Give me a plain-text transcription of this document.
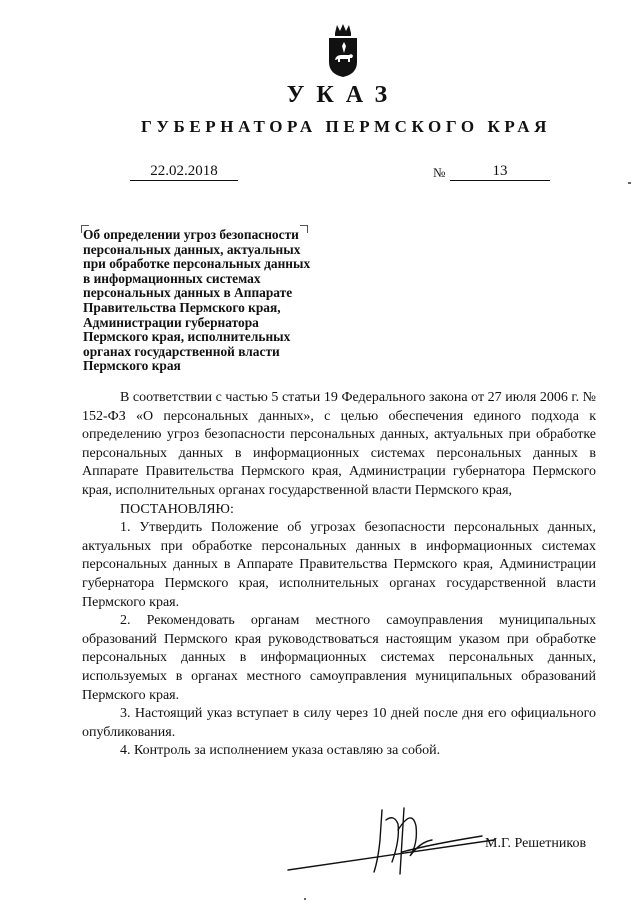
УКАЗ
ГУБЕРНАТОРА ПЕРМСКОГО КРАЯ
22.02.2018	№	13
Об определении угроз безопасности
персональных данных, актуальных
при обработке персональных данных
в информационных системах
персональных данных в Аппарате
Правительства Пермского края,
Администрации губернатора
Пермского края, исполнительных
органах государственной власти
Пермского края

В соответствии с частью 5 статьи 19 Федерального закона от 27 июля 2006 г. № 152-ФЗ «О персональных данных», с целью обеспечения единого подхода к определению угроз безопасности персональных данных, актуальных при обработке персональных данных в информационных системах персональных данных в Аппарате Правительства Пермского края, Администрации губернатора Пермского края, исполнительных органах государственной власти Пермского края,

ПОСТАНОВЛЯЮ:

1. Утвердить Положение об угрозах безопасности персональных данных, актуальных при обработке персональных данных в информационных системах персональных данных в Аппарате Правительства Пермского края, Администрации губернатора Пермского края, исполнительных органах государственной власти Пермского края.

2. Рекомендовать органам местного самоуправления муниципальных образований Пермского края руководствоваться настоящим указом при обработке персональных данных в информационных системах персональных данных, используемых в органах местного самоуправления муниципальных образований Пермского края.

3. Настоящий указ вступает в силу через 10 дней после дня его официального опубликования.

4. Контроль за исполнением указа оставляю за собой.

М.Г. Решетников
